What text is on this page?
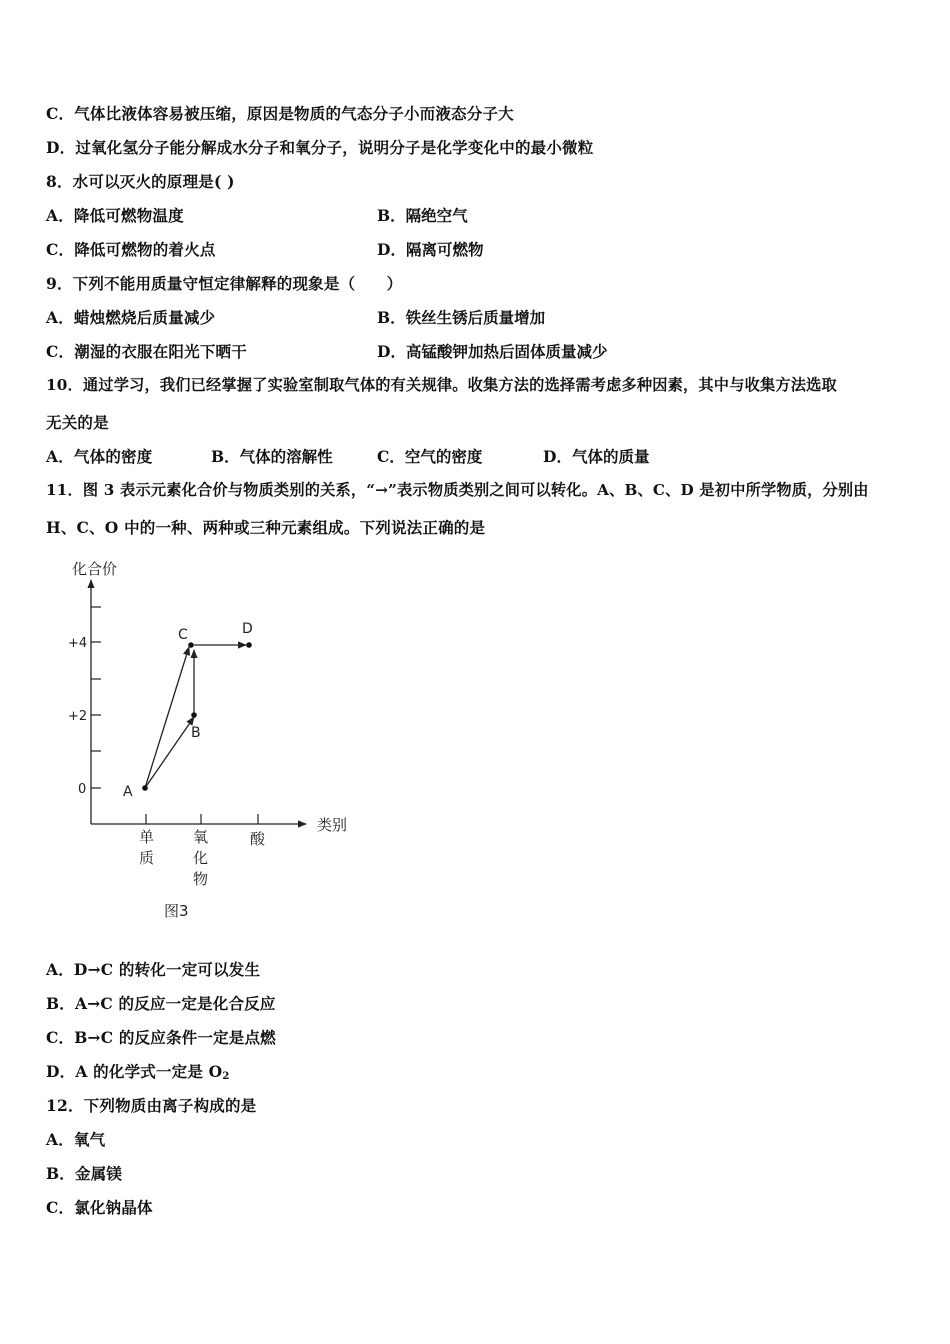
C．气体比液体容易被压缩，原因是物质的气态分子小而液态分子大
D．过氧化氢分子能分解成水分子和氧分子，说明分子是化学变化中的最小微粒
8．水可以灭火的原理是( )
A．降低可燃物温度	B．隔绝空气
C．降低可燃物的着火点	D．隔离可燃物
9．下列不能用质量守恒定律解释的现象是（　　）
A．蜡烛燃烧后质量减少	B．铁丝生锈后质量增加
C．潮湿的衣服在阳光下晒干	D．高锰酸钾加热后固体质量减少
10．通过学习，我们已经掌握了实验室制取气体的有关规律。收集方法的选择需考虑多种因素，其中与收集方法选取
无关的是
A．气体的密度	B．气体的溶解性	C．空气的密度	D．气体的质量
11．图 3 表示元素化合价与物质类别的关系，“→”表示物质类别之间可以转化。A、B、C、D 是初中所学物质，分别由
H、C、O 中的一种、两种或三种元素组成。下列说法正确的是
化合价
类别
+4
+2
0
单
质
氧
化
物
酸
A
B
C	D
图3
A．D→C 的转化一定可以发生
B．A→C 的反应一定是化合反应
C．B→C 的反应条件一定是点燃
D．A 的化学式一定是 $O_2$
12．下列物质由离子构成的是
A．氧气
B．金属镁
C．氯化钠晶体
